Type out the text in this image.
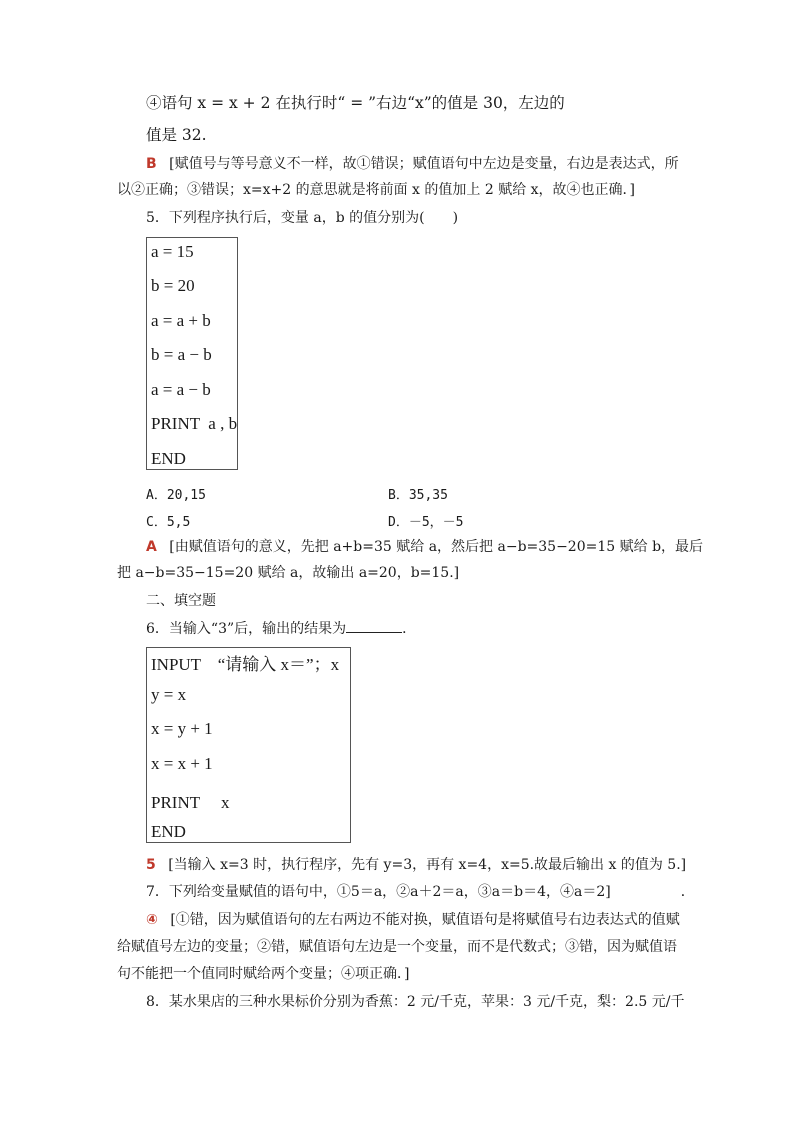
④语句 x = x + 2 在执行时“ = ”右边“x”的值是 30，左边的
值是 32.
B [赋值号与等号意义不一样，故①错误；赋值语句中左边是变量，右边是表达式，所
以②正确；③错误；x=x+2 的意思就是将前面 x 的值加上 2 赋给 x，故④也正确．]
5．下列程序执行后，变量 a，b 的值分别为(　　)
a = 15
b = 20
a = a + b
b = a − b
a = a − b
PRINT  a , b
END
A．20,15	B．35,35
C．5,5	D．－5，－5
A [由赋值语句的意义，先把 a+b=35 赋给 a，然后把 a−b=35−20=15 赋给 b，最后
把 a−b=35−15=20 赋给 a，故输出 a=20，b=15.]
二、填空题
6．当输入“3”后，输出的结果为	．
INPUT　“请输入 x＝”；x
y = x
x = y + 1
x = x + 1
PRINT　 x
END
5 [当输入 x=3 时，执行程序，先有 y=3，再有 x=4，x=5.故最后输出 x 的值为 5.]
7．下列给变量赋值的语句中，①5＝a，②a＋2＝a，③a＝b＝4，④a＝2]　　　　　．
④ [①错，因为赋值语句的左右两边不能对换，赋值语句是将赋值号右边表达式的值赋
给赋值号左边的变量；②错，赋值语句左边是一个变量，而不是代数式；③错，因为赋值语
句不能把一个值同时赋给两个变量；④项正确．]
8．某水果店的三种水果标价分别为香蕉：2 元/千克，苹果：3 元/千克，梨：2.5 元/千
